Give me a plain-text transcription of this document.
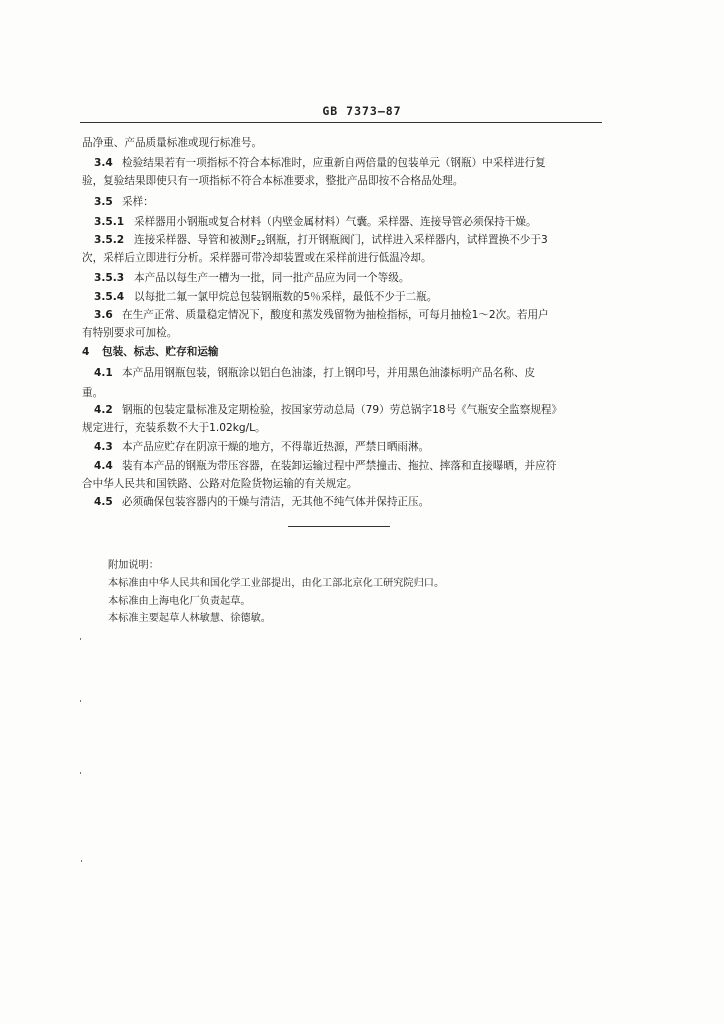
GB 7373—87
品净重、产品质量标准或现行标准号。
3.4 检验结果若有一项指标不符合本标准时，应重新自两倍量的包装单元（钢瓶）中采样进行复
验，复验结果即使只有一项指标不符合本标准要求，整批产品即按不合格品处理。
3.5 采样：
3.5.1 采样器用小钢瓶或复合材料（内壁金属材料）气囊。采样器、连接导管必须保持干燥。
3.5.2 连接采样器、导管和被测$F_{22}$钢瓶，打开钢瓶阀门，试样进入采样器内，试样置换不少于3
次，采样后立即进行分析。采样器可带冷却装置或在采样前进行低温冷却。
3.5.3 本产品以每生产一槽为一批，同一批产品应为同一个等级。
3.5.4 以每批二氟一氯甲烷总包装钢瓶数的5％采样，最低不少于二瓶。
3.6 在生产正常、质量稳定情况下，酸度和蒸发残留物为抽检指标，可每月抽检1～2次。若用户
有特别要求可加检。
4 包装、标志、贮存和运输
4.1 本产品用钢瓶包装，钢瓶涂以铝白色油漆，打上钢印号，并用黑色油漆标明产品名称、皮
重。
4.2 钢瓶的包装定量标准及定期检验，按国家劳动总局（79）劳总锅字18号《气瓶安全监察规程》
规定进行，充装系数不大于1.02kg/L。
4.3 本产品应贮存在阴凉干燥的地方，不得靠近热源，严禁日晒雨淋。
4.4 装有本产品的钢瓶为带压容器，在装卸运输过程中严禁撞击、拖拉、摔落和直接曝晒，并应符
合中华人民共和国铁路、公路对危险货物运输的有关规定。
4.5 必须确保包装容器内的干燥与清洁，无其他不纯气体并保持正压。
附加说明：
本标准由中华人民共和国化学工业部提出，由化工部北京化工研究院归口。
本标准由上海电化厂负责起草。
本标准主要起草人林敏慧、徐德敏。
